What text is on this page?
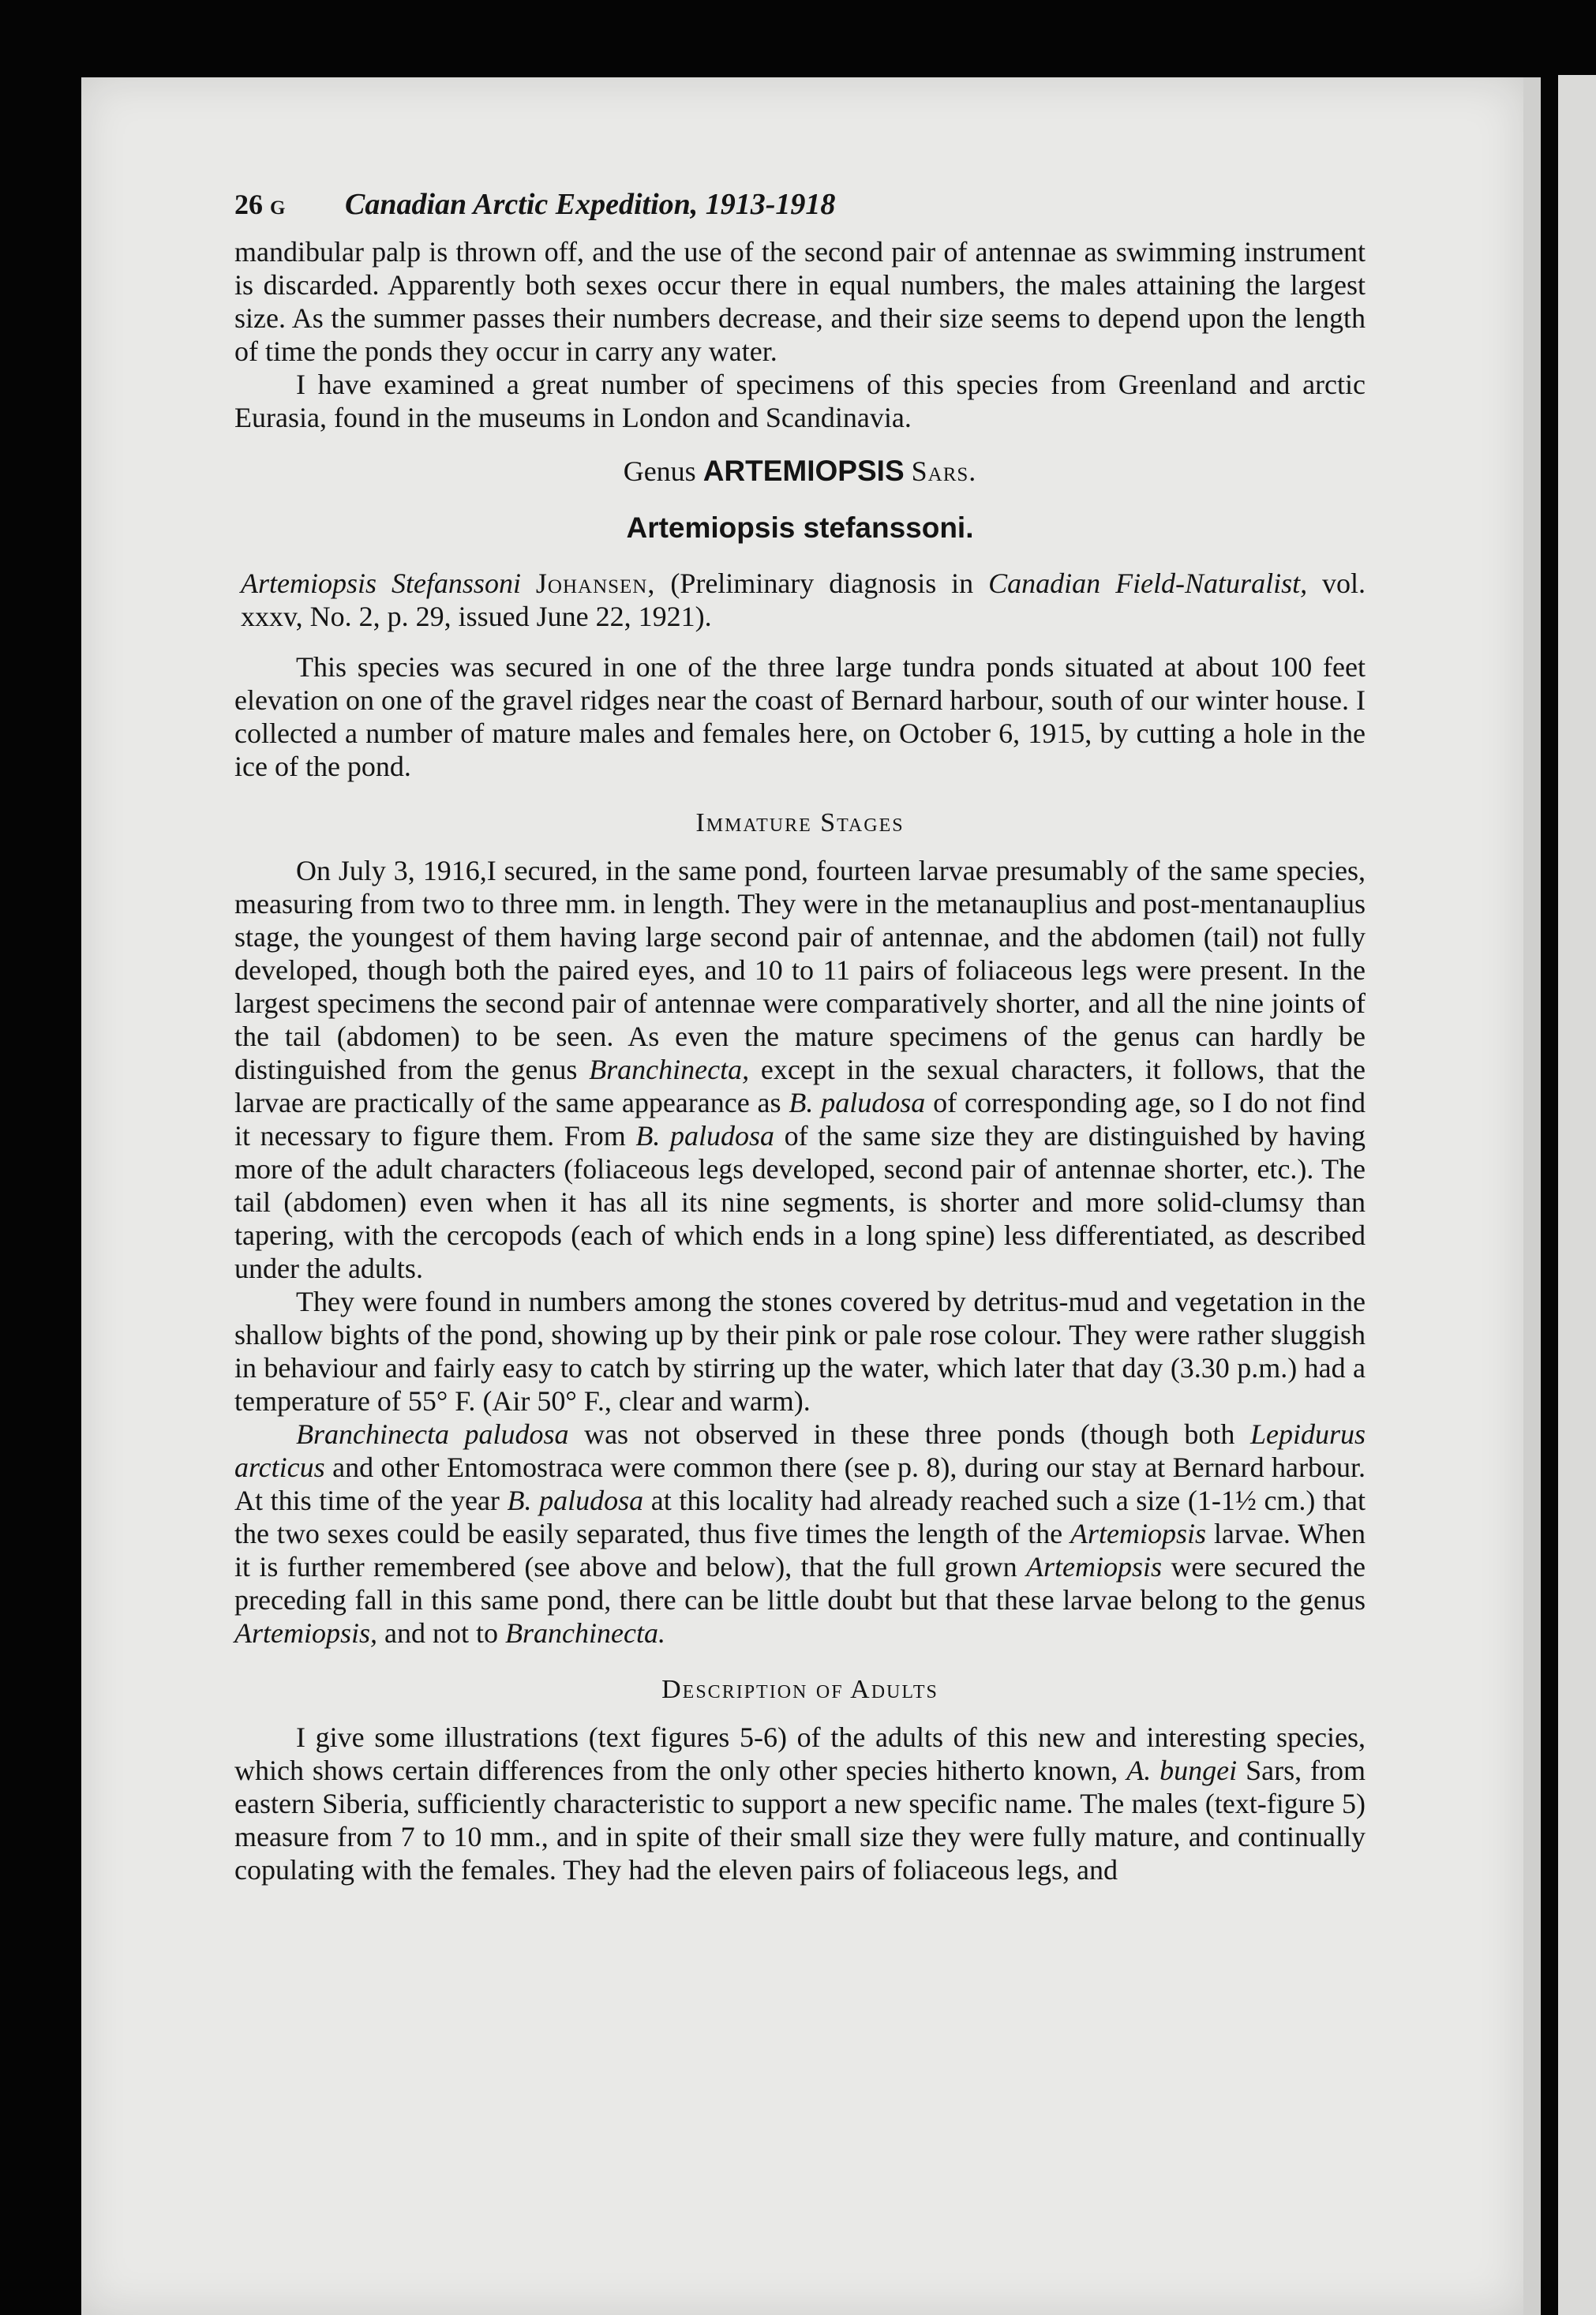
26 G	Canadian Arctic Expedition, 1913-1918

mandibular palp is thrown off, and the use of the second pair of antennae as swimming instrument is discarded. Apparently both sexes occur there in equal numbers, the males attaining the largest size. As the summer passes their numbers decrease, and their size seems to depend upon the length of time the ponds they occur in carry any water.

I have examined a great number of specimens of this species from Greenland and arctic Eurasia, found in the museums in London and Scandinavia.

Genus ARTEMIOPSIS Sars.

Artemiopsis stefanssoni.

Artemiopsis Stefanssoni Johansen, (Preliminary diagnosis in Canadian Field-Naturalist, vol. xxxv, No. 2, p. 29, issued June 22, 1921).

This species was secured in one of the three large tundra ponds situated at about 100 feet elevation on one of the gravel ridges near the coast of Bernard harbour, south of our winter house. I collected a number of mature males and females here, on October 6, 1915, by cutting a hole in the ice of the pond.

Immature Stages

On July 3, 1916,I secured, in the same pond, fourteen larvae presumably of the same species, measuring from two to three mm. in length. They were in the metanauplius and post-mentanauplius stage, the youngest of them having large second pair of antennae, and the abdomen (tail) not fully developed, though both the paired eyes, and 10 to 11 pairs of foliaceous legs were present. In the largest specimens the second pair of antennae were comparatively shorter, and all the nine joints of the tail (abdomen) to be seen. As even the mature specimens of the genus can hardly be distinguished from the genus Branchinecta, except in the sexual characters, it follows, that the larvae are practically of the same appearance as B. paludosa of corresponding age, so I do not find it necessary to figure them. From B. paludosa of the same size they are distinguished by having more of the adult characters (foliaceous legs developed, second pair of antennae shorter, etc.). The tail (abdomen) even when it has all its nine segments, is shorter and more solid-clumsy than tapering, with the cercopods (each of which ends in a long spine) less differentiated, as described under the adults.

They were found in numbers among the stones covered by detritus-mud and vegetation in the shallow bights of the pond, showing up by their pink or pale rose colour. They were rather sluggish in behaviour and fairly easy to catch by stirring up the water, which later that day (3.30 p.m.) had a temperature of 55° F. (Air 50° F., clear and warm).

Branchinecta paludosa was not observed in these three ponds (though both Lepidurus arcticus and other Entomostraca were common there (see p. 8), during our stay at Bernard harbour. At this time of the year B. paludosa at this locality had already reached such a size (1-1½ cm.) that the two sexes could be easily separated, thus five times the length of the Artemiopsis larvae. When it is further remembered (see above and below), that the full grown Artemiopsis were secured the preceding fall in this same pond, there can be little doubt but that these larvae belong to the genus Artemiopsis, and not to Branchinecta.

Description of Adults

I give some illustrations (text figures 5-6) of the adults of this new and interesting species, which shows certain differences from the only other species hitherto known, A. bungei Sars, from eastern Siberia, sufficiently characteristic to support a new specific name. The males (text-figure 5) measure from 7 to 10 mm., and in spite of their small size they were fully mature, and continually copulating with the females. They had the eleven pairs of foliaceous legs, and
